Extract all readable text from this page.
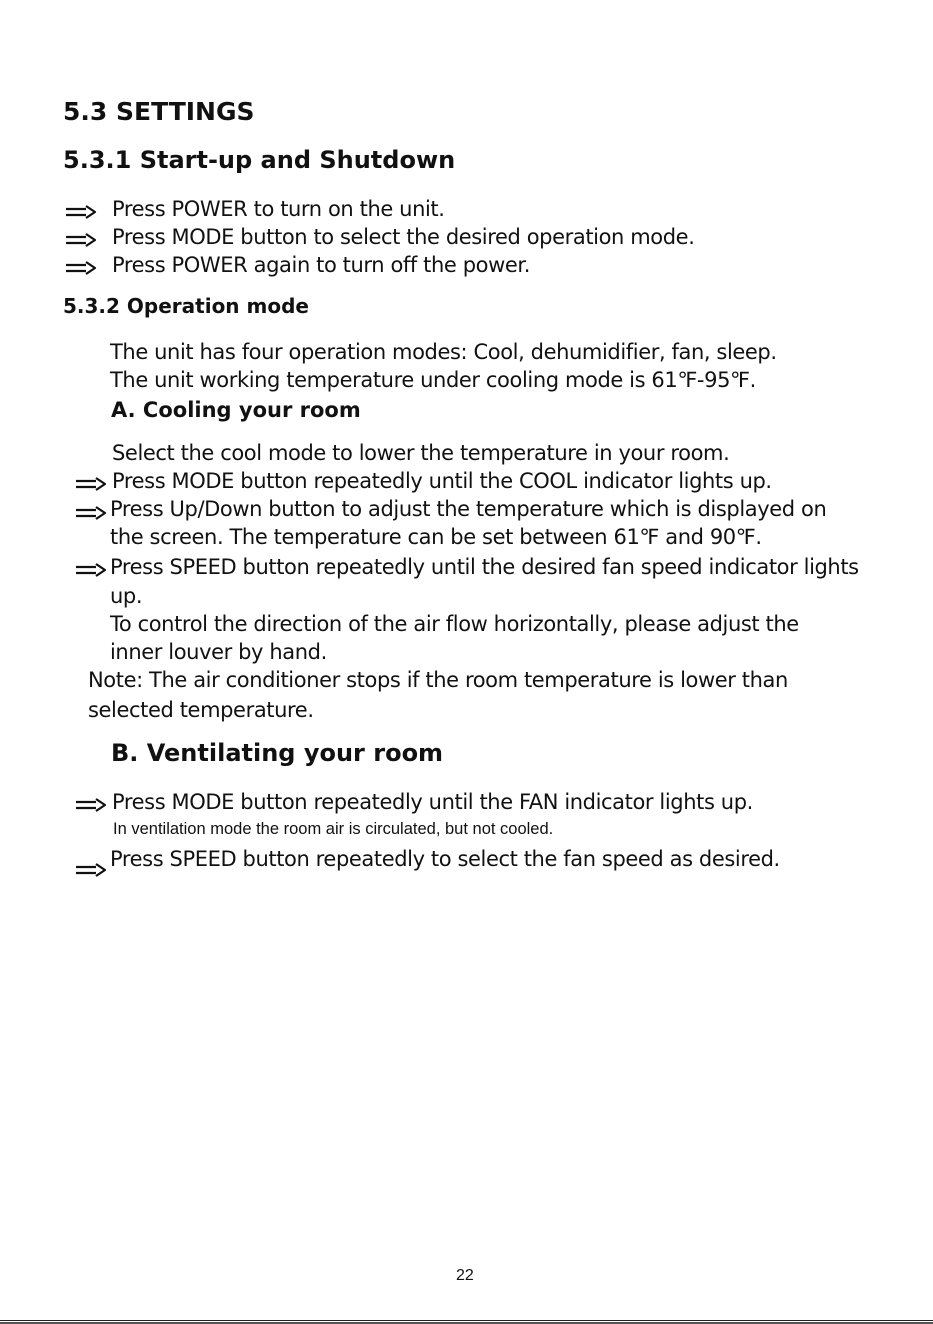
5.3 SETTINGS
5.3.1 Start-up and Shutdown
Press POWER to turn on the unit.
Press MODE button to select the desired operation mode.
Press POWER again to turn off the power.
5.3.2 Operation mode
The unit has four operation modes: Cool, dehumidifier, fan, sleep.
The unit working temperature under cooling mode is 61℉-95℉.
A. Cooling your room
Select the cool mode to lower the temperature in your room.
Press MODE button repeatedly until the COOL indicator lights up.
Press Up/Down button to adjust the temperature which is displayed on
the screen. The temperature can be set between 61℉ and 90℉.
Press SPEED button repeatedly until the desired fan speed indicator lights
up.
To control the direction of the air flow horizontally, please adjust the
inner louver by hand.
Note: The air conditioner stops if the room temperature is lower than
selected temperature.
B. Ventilating your room
Press MODE button repeatedly until the FAN indicator lights up.
In ventilation mode the room air is circulated, but not cooled.
Press SPEED button repeatedly to select the fan speed as desired.
22
